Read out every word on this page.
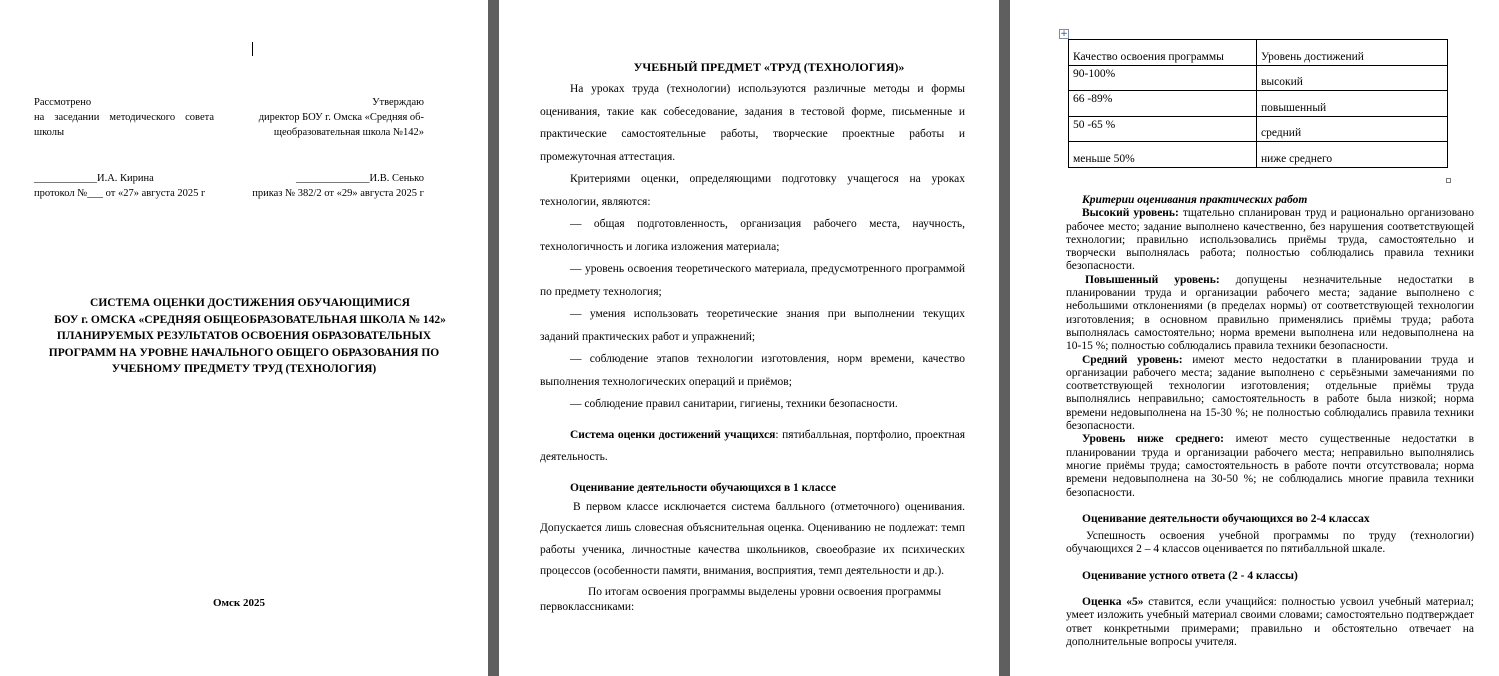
Рассмотрено
на заседании методического совета
школы
Утверждаю
директор БОУ г. Омска «Средняя об-
щеобразовательная школа №142»
____________И.А. Кирина
протокол №___ от «27» августа 2025 г
______________И.В. Сенько
приказ № 382/2 от «29» августа 2025 г
СИСТЕМА ОЦЕНКИ ДОСТИЖЕНИЯ ОБУЧАЮЩИМИСЯ
БОУ г. ОМСКА «СРЕДНЯЯ ОБЩЕОБРАЗОВАТЕЛЬНАЯ ШКОЛА № 142»
ПЛАНИРУЕМЫХ РЕЗУЛЬТАТОВ ОСВОЕНИЯ ОБРАЗОВАТЕЛЬНЫХ
ПРОГРАММ НА УРОВНЕ НАЧАЛЬНОГО ОБЩЕГО ОБРАЗОВАНИЯ ПО
УЧЕБНОМУ ПРЕДМЕТУ ТРУД (ТЕХНОЛОГИЯ)
Омск 2025
УЧЕБНЫЙ ПРЕДМЕТ «ТРУД (ТЕХНОЛОГИЯ)»
На уроках труда (технологии) используются различные методы и формы оценивания, такие как собеседование, задания в тестовой форме, письменные и практические самостоятельные работы, творческие проектные работы и промежуточная аттестация.
Критериями оценки, определяющими подготовку учащегося на уроках технологии, являются:
— общая подготовленность, организация рабочего места, научность, технологичность и логика изложения материала;
— уровень освоения теоретического материала, предусмотренного программой по предмету технология;
— умения использовать теоретические знания при выполнении текущих заданий практических работ и упражнений;
— соблюдение этапов технологии изготовления, норм времени, качество выполнения технологических операций и приёмов;
— соблюдение правил санитарии, гигиены, техники безопасности.
Система оценки достижений учащихся: пятибалльная, портфолио, проектная деятельность.
Оценивание деятельности обучающихся в 1 классе
В первом классе исключается система балльного (отметочного) оценивания. Допускается лишь словесная объяснительная оценка. Оцениванию не подлежат: темп работы ученика, личностные качества школьников, своеобразие их психических процессов (особенности памяти, внимания, восприятия, темп деятельности и др.).
По итогам освоения программы выделены уровни освоения программы
первоклассниками:
+
Качество освоения программы	Уровень достижений
90-100%	высокий
66 -89%	повышенный
50 -65 %	средний
меньше 50%	ниже среднего
Критерии оценивания практических работ
Высокий уровень: тщательно спланирован труд и рационально организовано рабочее место; задание выполнено качественно, без нарушения соответствующей технологии; правильно использовались приёмы труда, самостоятельно и творчески выполнялась работа; полностью соблюдались правила техники безопасности.
Повышенный уровень: допущены незначительные недостатки в планировании труда и организации рабочего места; задание выполнено с небольшими отклонениями (в пределах нормы) от соответствующей технологии изготовления; в основном правильно применялись приёмы труда; работа выполнялась самостоятельно; норма времени выполнена или недовыполнена на 10-15 %; полностью соблюдались правила техники безопасности.
Средний уровень: имеют место недостатки в планировании труда и организации рабочего места; задание выполнено с серьёзными замечаниями по соответствующей технологии изготовления; отдельные приёмы труда выполнялись неправильно; самостоятельность в работе была низкой; норма времени недовыполнена на 15-30 %; не полностью соблюдались правила техники безопасности.
Уровень ниже среднего: имеют место существенные недостатки в планировании труда и организации рабочего места; неправильно выполнялись многие приёмы труда; самостоятельность в работе почти отсутствовала; норма времени недовыполнена на 30-50 %; не соблюдались многие правила техники безопасности.
Оценивание деятельности обучающихся во 2-4 классах
Успешность освоения учебной программы по труду (технологии) обучающихся 2 – 4 классов оценивается по пятибалльной шкале.
Оценивание устного ответа (2 - 4 классы)
Оценка «5» ставится, если учащийся: полностью усвоил учебный материал; умеет изложить учебный материал своими словами; самостоятельно подтверждает ответ конкретными примерами; правильно и обстоятельно отвечает на дополнительные вопросы учителя.
